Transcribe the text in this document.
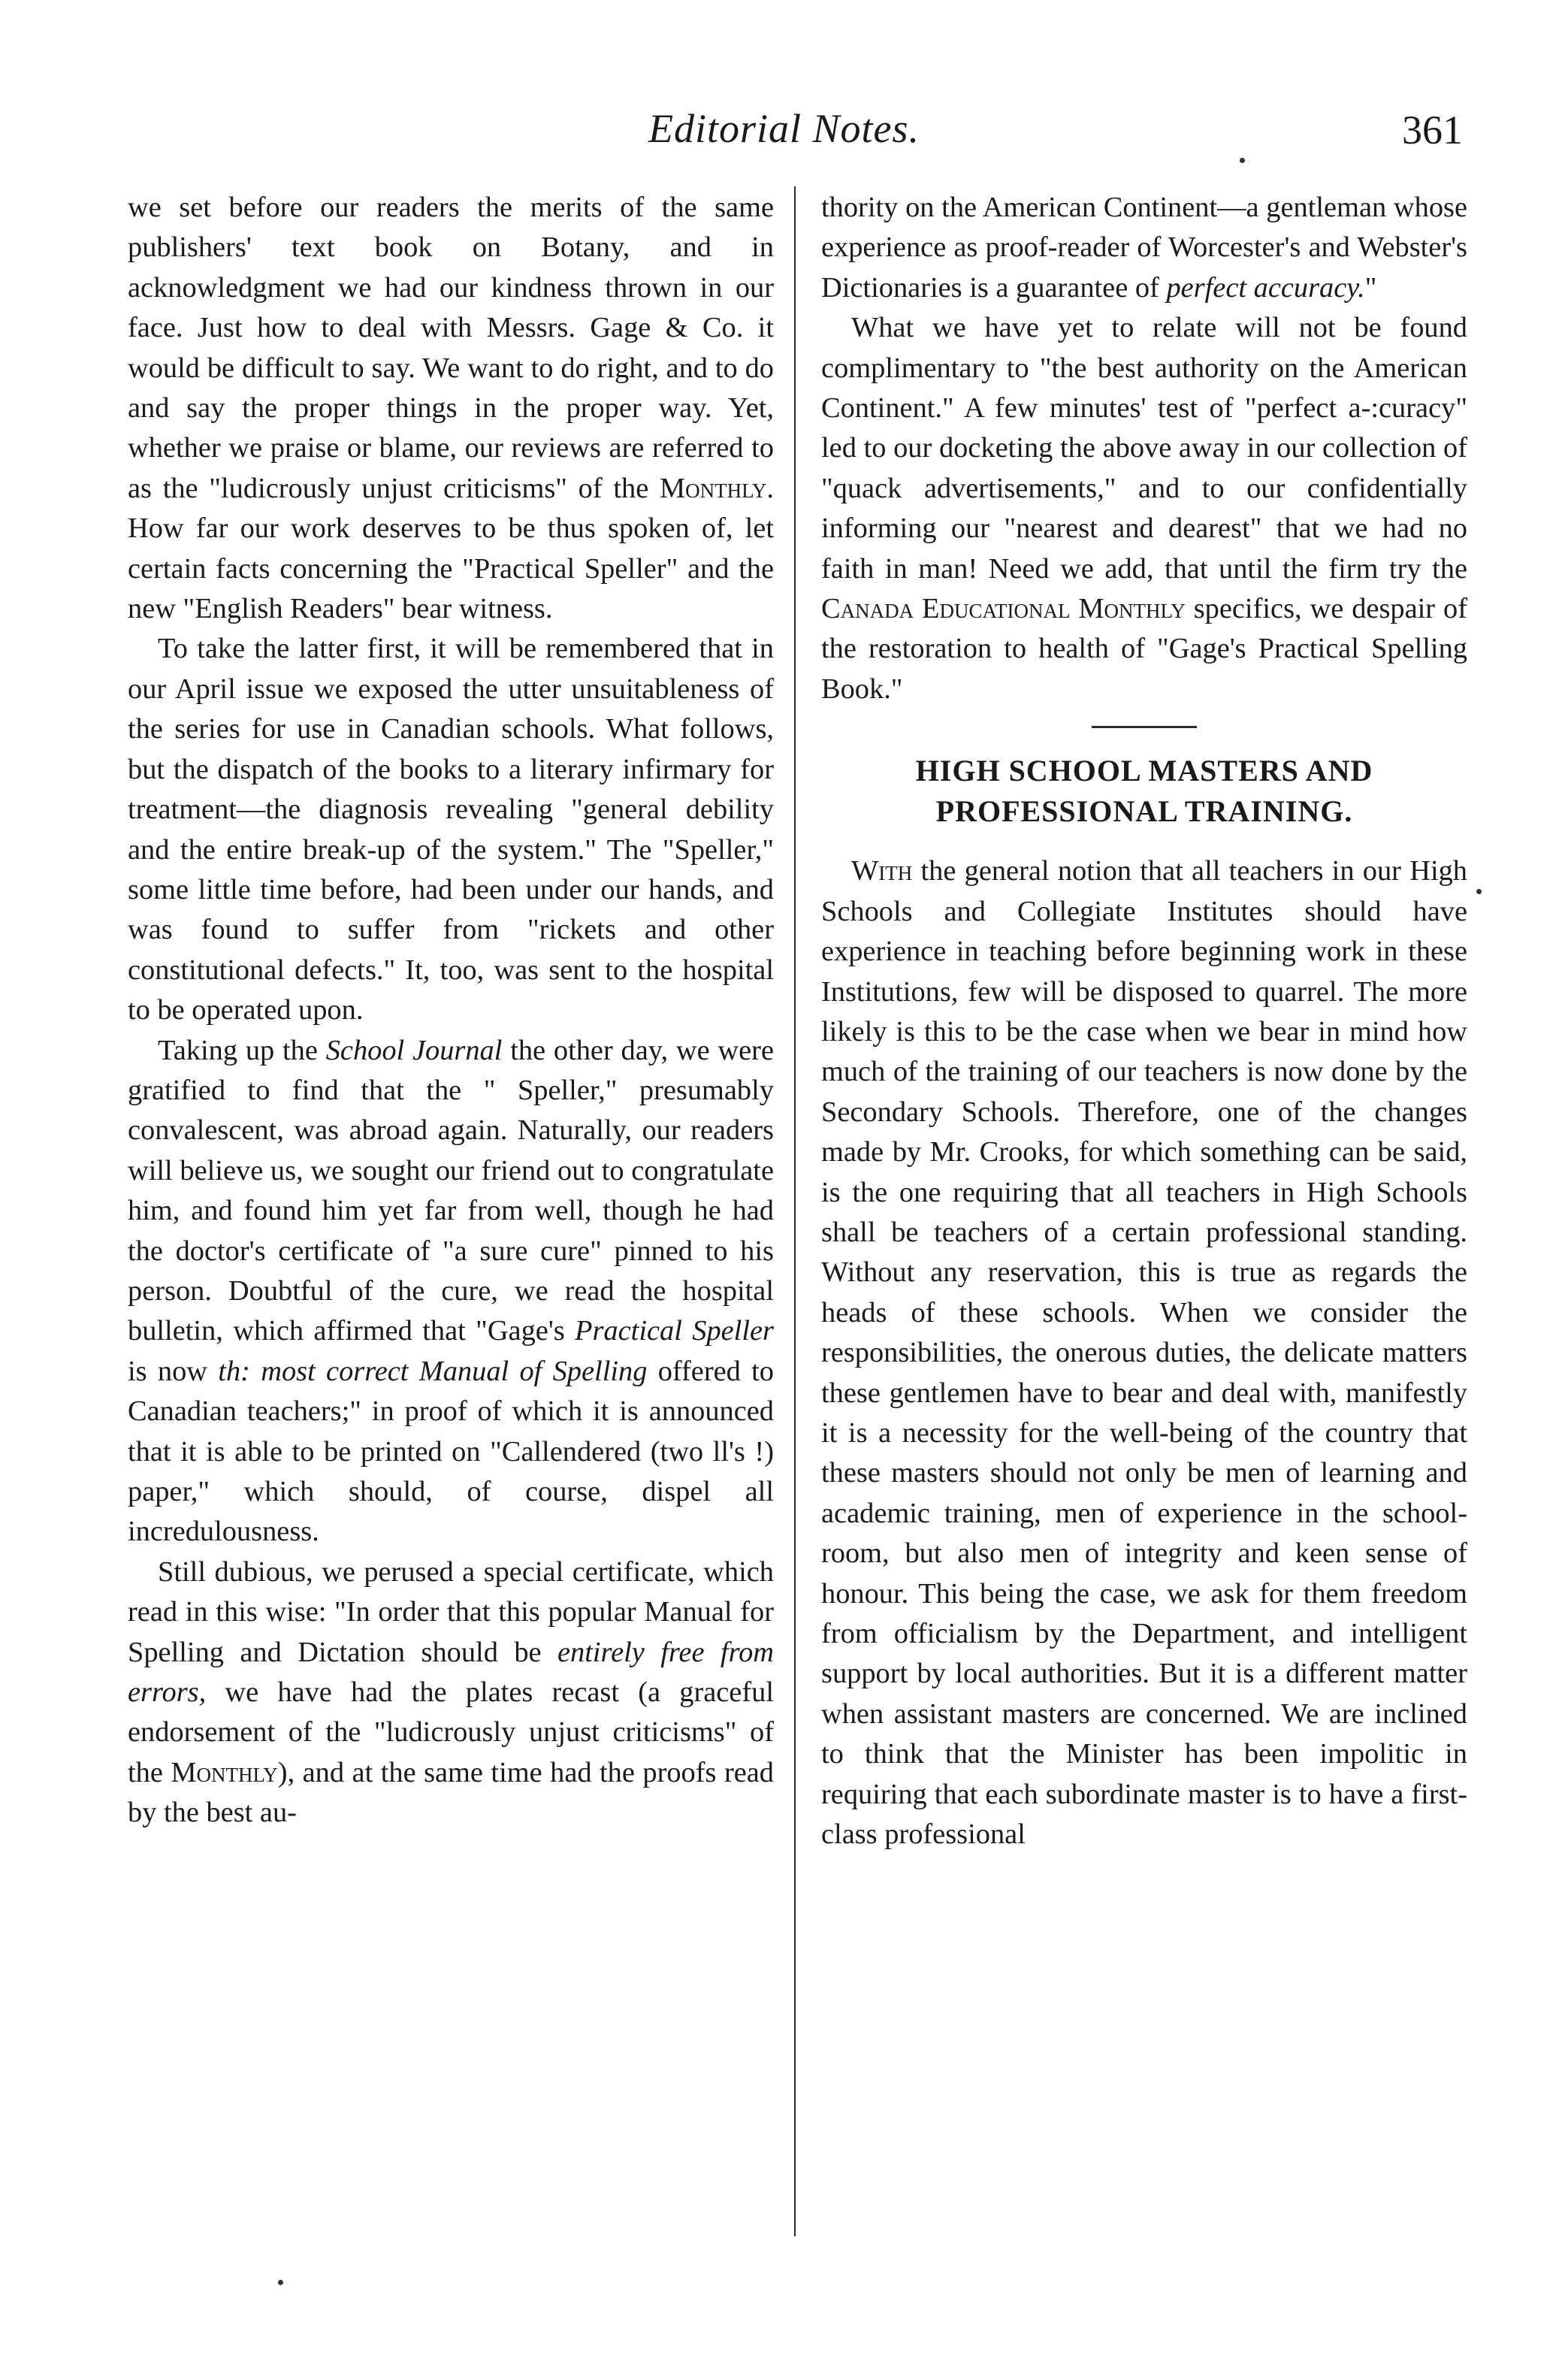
Editorial Notes.	361

we set before our readers the merits of the same publishers' text book on Botany, and in acknowledgment we had our kindness thrown in our face. Just how to deal with Messrs. Gage & Co. it would be difficult to say. We want to do right, and to do and say the proper things in the proper way. Yet, whether we praise or blame, our reviews are referred to as the "ludicrously unjust criticisms" of the Monthly. How far our work deserves to be thus spoken of, let certain facts concerning the "Practical Speller" and the new "English Readers" bear witness.

To take the latter first, it will be remembered that in our April issue we exposed the utter unsuitableness of the series for use in Canadian schools. What follows, but the dispatch of the books to a literary infirmary for treatment—the diagnosis revealing "general debility and the entire break-up of the system." The "Speller," some little time before, had been under our hands, and was found to suffer from "rickets and other constitutional defects." It, too, was sent to the hospital to be operated upon.

Taking up the School Journal the other day, we were gratified to find that the " Speller," presumably convalescent, was abroad again. Naturally, our readers will believe us, we sought our friend out to congratulate him, and found him yet far from well, though he had the doctor's certificate of "a sure cure" pinned to his person. Doubtful of the cure, we read the hospital bulletin, which affirmed that "Gage's Practical Speller is now th: most correct Manual of Spelling offered to Canadian teachers;" in proof of which it is announced that it is able to be printed on "Callendered (two ll's !) paper," which should, of course, dispel all incredulousness.

Still dubious, we perused a special certificate, which read in this wise: "In order that this popular Manual for Spelling and Dictation should be entirely free from errors, we have had the plates recast (a graceful endorsement of the "ludicrously unjust criticisms" of the Monthly), and at the same time had the proofs read by the best au-

thority on the American Continent—a gentleman whose experience as proof-reader of Worcester's and Webster's Dictionaries is a guarantee of perfect accuracy."

What we have yet to relate will not be found complimentary to "the best authority on the American Continent." A few minutes' test of "perfect a-:curacy" led to our docketing the above away in our collection of "quack advertisements," and to our confidentially informing our "nearest and dearest" that we had no faith in man! Need we add, that until the firm try the Canada Educational Monthly specifics, we despair of the restoration to health of "Gage's Practical Spelling Book."

HIGH SCHOOL MASTERS AND PROFESSIONAL TRAINING.

With the general notion that all teachers in our High Schools and Collegiate Institutes should have experience in teaching before beginning work in these Institutions, few will be disposed to quarrel. The more likely is this to be the case when we bear in mind how much of the training of our teachers is now done by the Secondary Schools. Therefore, one of the changes made by Mr. Crooks, for which something can be said, is the one requiring that all teachers in High Schools shall be teachers of a certain professional standing. Without any reservation, this is true as regards the heads of these schools. When we consider the responsibilities, the onerous duties, the delicate matters these gentlemen have to bear and deal with, manifestly it is a necessity for the well-being of the country that these masters should not only be men of learning and academic training, men of experience in the school-room, but also men of integrity and keen sense of honour. This being the case, we ask for them freedom from officialism by the Department, and intelligent support by local authorities. But it is a different matter when assistant masters are concerned. We are inclined to think that the Minister has been impolitic in requiring that each subordinate master is to have a first-class professional
